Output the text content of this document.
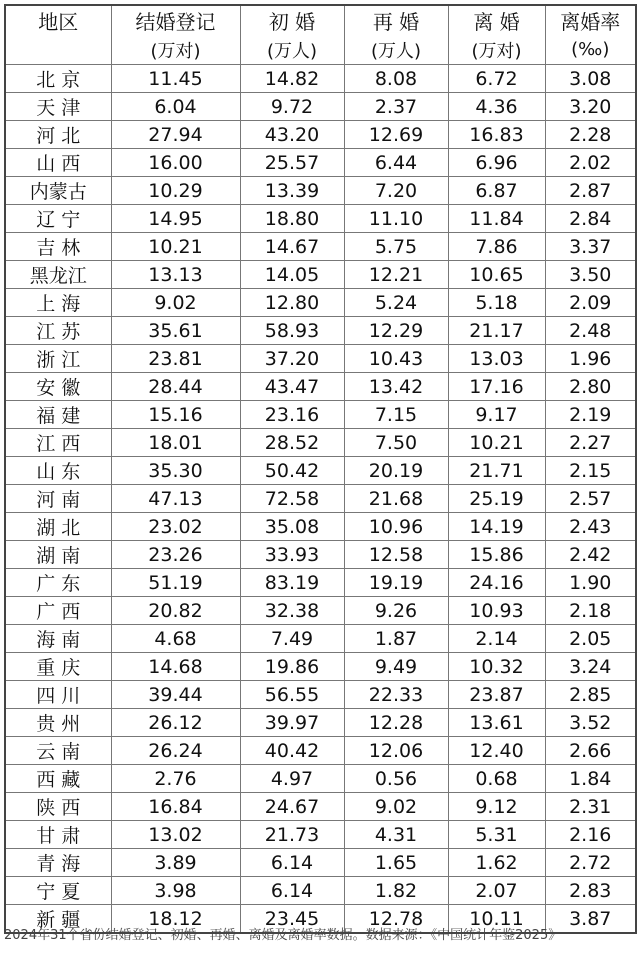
地区	结婚登记	初 婚	再 婚	离 婚	离婚率
	(万对)	(万人)	(万人)	(万对)	(‰)
北 京	11.45	14.82	8.08	6.72	3.08
天 津	6.04	9.72	2.37	4.36	3.20
河 北	27.94	43.20	12.69	16.83	2.28
山 西	16.00	25.57	6.44	6.96	2.02
内蒙古	10.29	13.39	7.20	6.87	2.87
辽 宁	14.95	18.80	11.10	11.84	2.84
吉 林	10.21	14.67	5.75	7.86	3.37
黑龙江	13.13	14.05	12.21	10.65	3.50
上 海	9.02	12.80	5.24	5.18	2.09
江 苏	35.61	58.93	12.29	21.17	2.48
浙 江	23.81	37.20	10.43	13.03	1.96
安 徽	28.44	43.47	13.42	17.16	2.80
福 建	15.16	23.16	7.15	9.17	2.19
江 西	18.01	28.52	7.50	10.21	2.27
山 东	35.30	50.42	20.19	21.71	2.15
河 南	47.13	72.58	21.68	25.19	2.57
湖 北	23.02	35.08	10.96	14.19	2.43
湖 南	23.26	33.93	12.58	15.86	2.42
广 东	51.19	83.19	19.19	24.16	1.90
广 西	20.82	32.38	9.26	10.93	2.18
海 南	4.68	7.49	1.87	2.14	2.05
重 庆	14.68	19.86	9.49	10.32	3.24
四 川	39.44	56.55	22.33	23.87	2.85
贵 州	26.12	39.97	12.28	13.61	3.52
云 南	26.24	40.42	12.06	12.40	2.66
西 藏	2.76	4.97	0.56	0.68	1.84
陕 西	16.84	24.67	9.02	9.12	2.31
甘 肃	13.02	21.73	4.31	5.31	2.16
青 海	3.89	6.14	1.65	1.62	2.72
宁 夏	3.98	6.14	1.82	2.07	2.83
新 疆	18.12	23.45	12.78	10.11	3.87
2024年31个省份结婚登记、初婚、再婚、离婚及离婚率数据。数据来源：《中国统计年鉴2025》
